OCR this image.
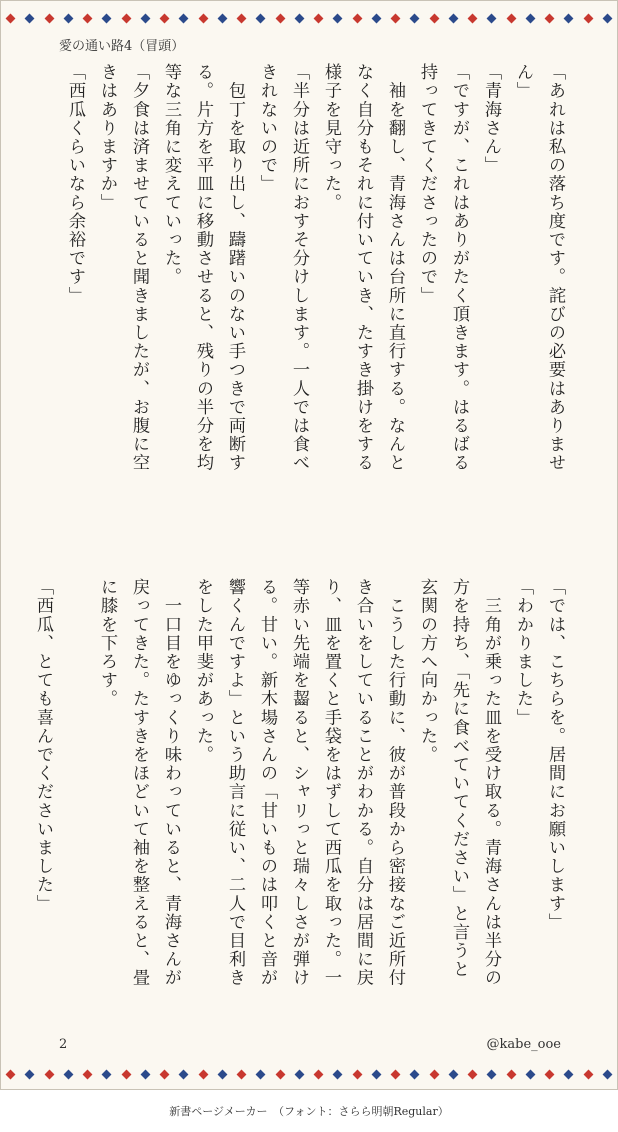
愛の通い路4（冒頭）
「あれは私の落ち度です。詫びの必要はありませ
ん」
「青海さん」
「ですが、これはありがたく頂きます。はるばる
持ってきてくださったので」
　袖を翻し、青海さんは台所に直行する。なんと
なく自分もそれに付いていき、たすき掛けをする
様子を見守った。
「半分は近所におすそ分けします。一人では食べ
きれないので」
　包丁を取り出し、躊躇いのない手つきで両断す
る。片方を平皿に移動させると、残りの半分を均
等な三角に変えていった。
「夕食は済ませていると聞きましたが、お腹に空
きはありますか」
「西瓜くらいなら余裕です」
「では、こちらを。居間にお願いします」
「わかりました」
　三角が乗った皿を受け取る。青海さんは半分の
方を持ち、「先に食べていてください」と言うと
玄関の方へ向かった。
　こうした行動に、彼が普段から密接なご近所付
き合いをしていることがわかる。自分は居間に戻
り、皿を置くと手袋をはずして西瓜を取った。一
等赤い先端を齧ると、シャリっと瑞々しさが弾け
る。甘い。新木場さんの「甘いものは叩くと音が
響くんですよ」という助言に従い、二人で目利き
をした甲斐があった。
　一口目をゆっくり味わっていると、青海さんが
戻ってきた。たすきをほどいて袖を整えると、畳
に膝を下ろす。

「西瓜、とても喜んでくださいました」
2	@kabe_ooe
新書ページメーカー　（フォント：さらら明朝Regular）
